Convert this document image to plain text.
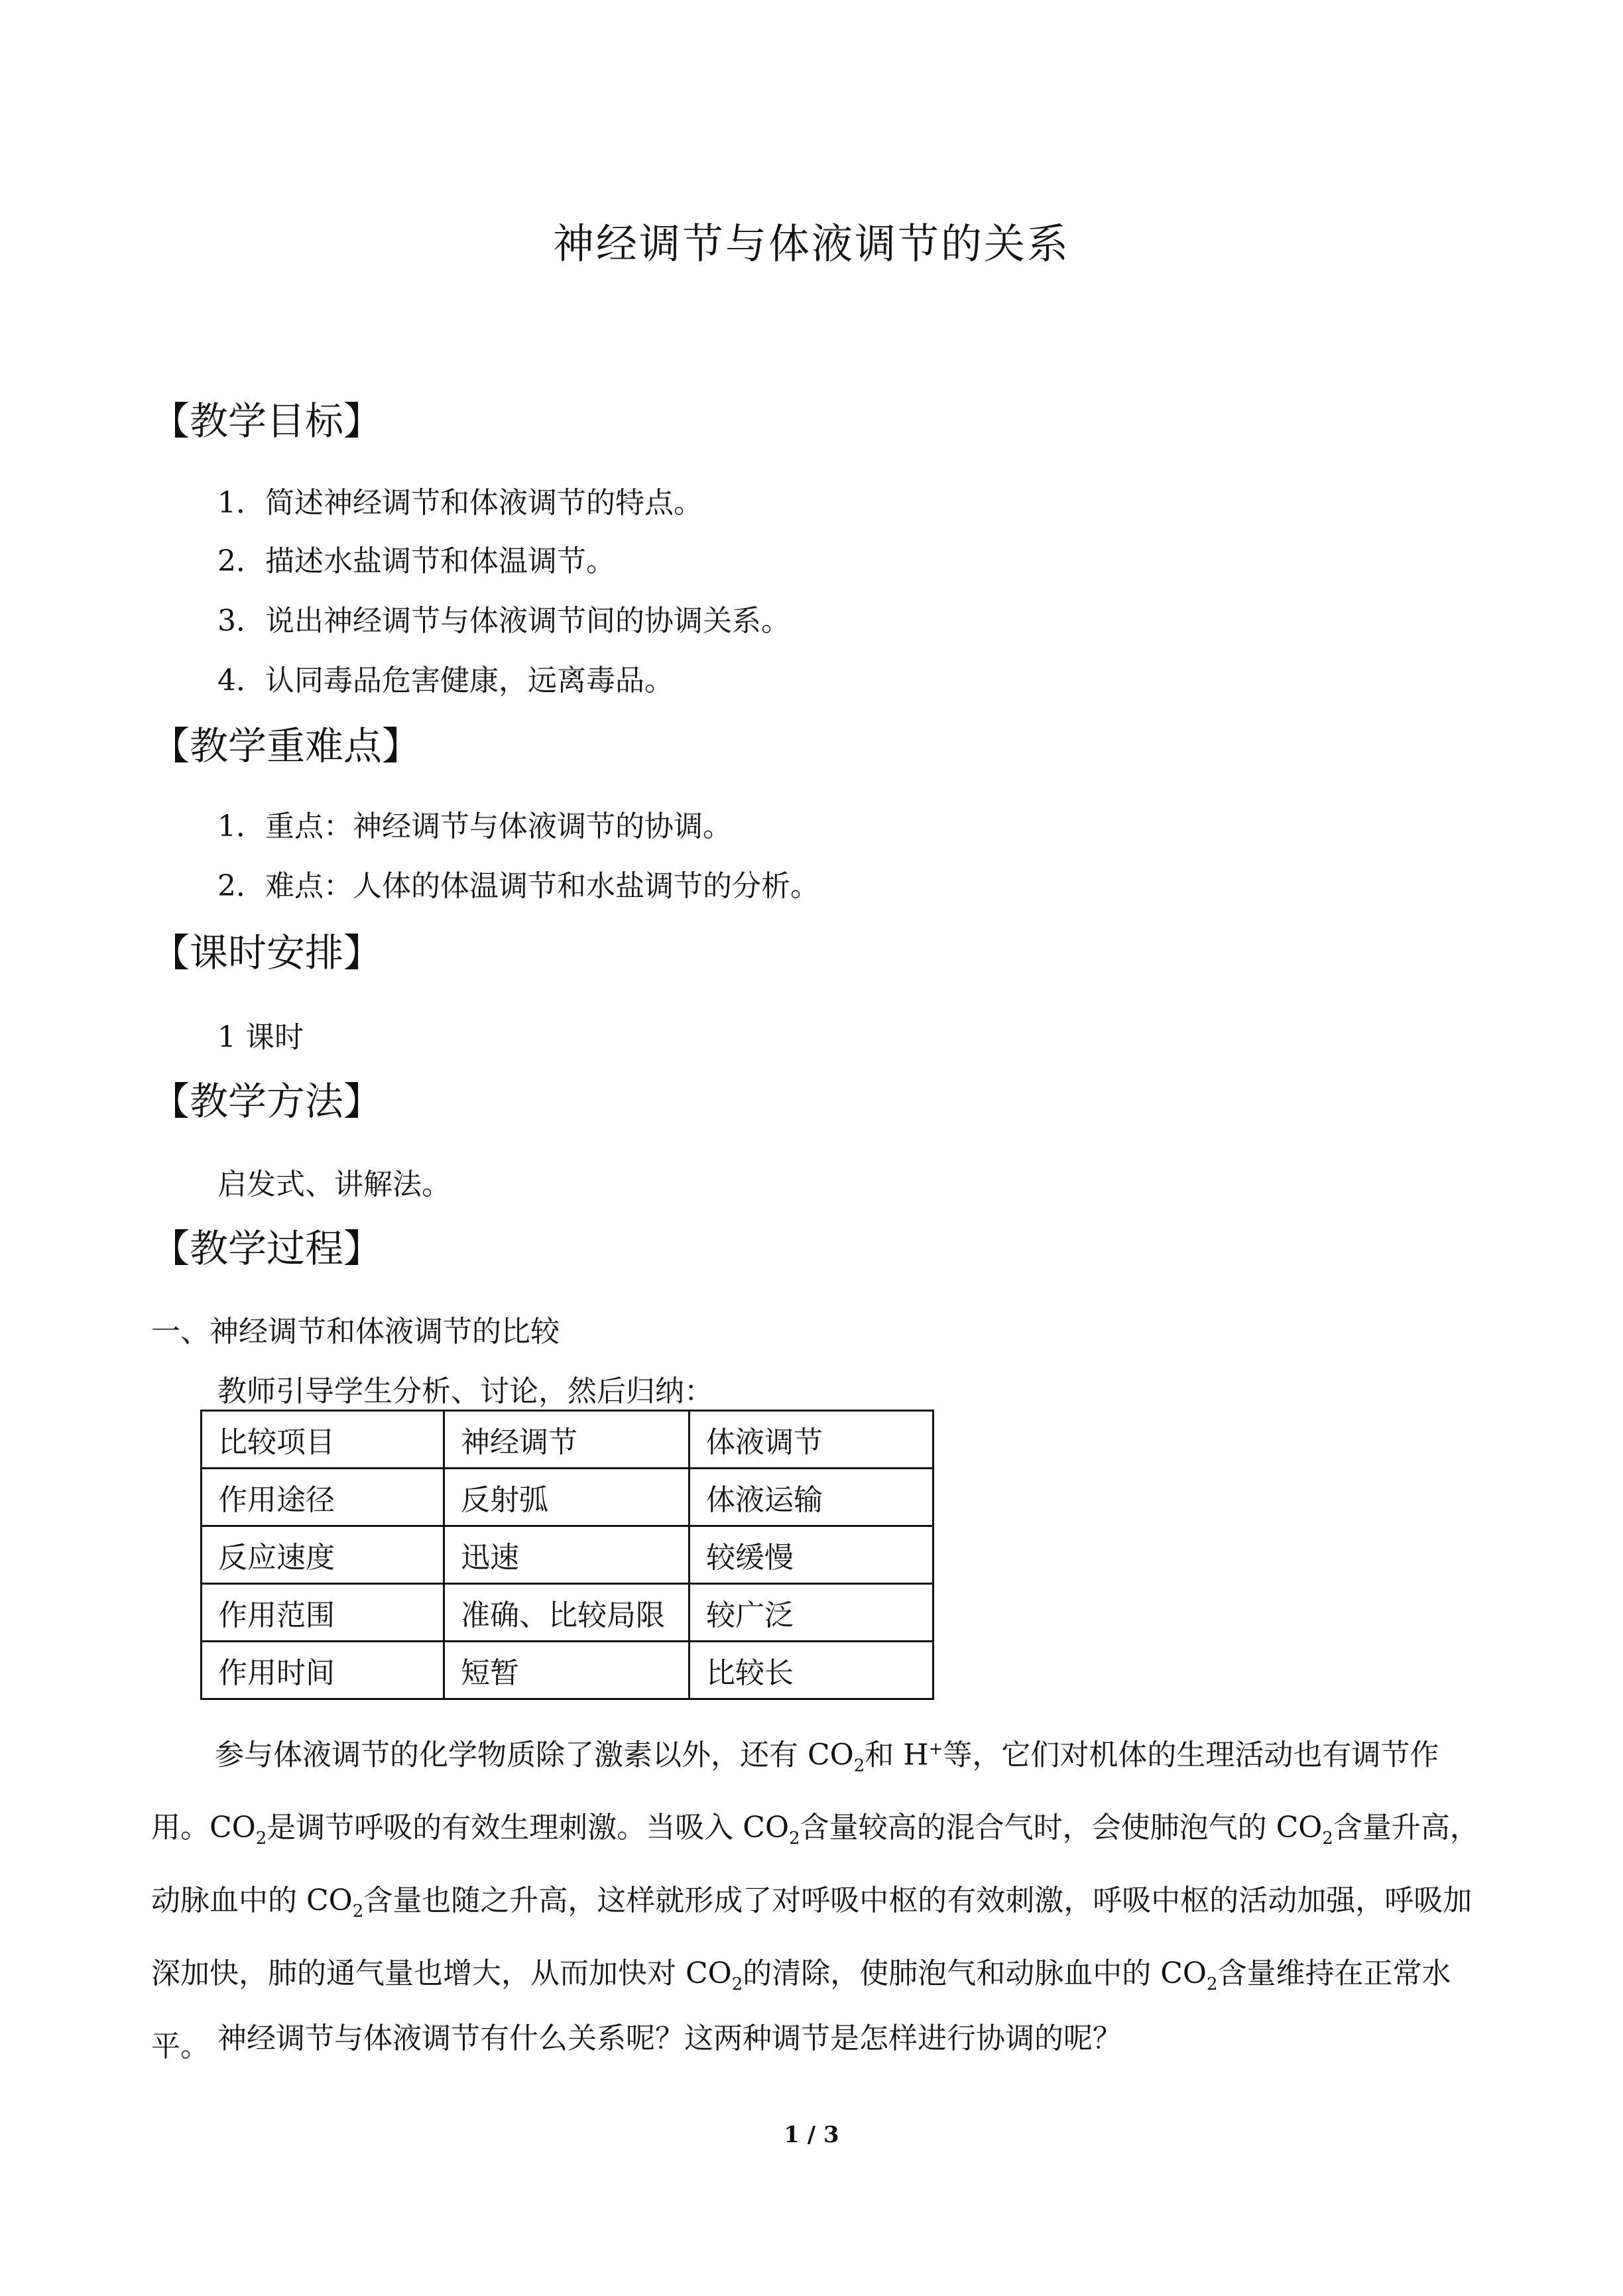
神经调节与体液调节的关系
【教学目标】
1．简述神经调节和体液调节的特点。
2．描述水盐调节和体温调节。
3．说出神经调节与体液调节间的协调关系。
4．认同毒品危害健康，远离毒品。
【教学重难点】
1．重点：神经调节与体液调节的协调。
2．难点：人体的体温调节和水盐调节的分析。
【课时安排】
1 课时
【教学方法】
启发式、讲解法。
【教学过程】
一、神经调节和体液调节的比较
教师引导学生分析、讨论，然后归纳：
比较项目	神经调节	体液调节
作用途径	反射弧	体液运输
反应速度	迅速	较缓慢
作用范围	准确、比较局限	较广泛
作用时间	短暂	比较长
参与体液调节的化学物质除了激素以外，还有 $CO_2$和 H+等，它们对机体的生理活动也有调节作用。$CO_2$是调节呼吸的有效生理刺激。当吸入 $CO_2$含量较高的混合气时，会使肺泡气的 $CO_2$含量升高，动脉血中的 $CO_2$含量也随之升高，这样就形成了对呼吸中枢的有效刺激，呼吸中枢的活动加强，呼吸加深加快，肺的通气量也增大，从而加快对 $CO_2$的清除，使肺泡气和动脉血中的 $CO_2$含量维持在正常水平。 神经调节与体液调节有什么关系呢？这两种调节是怎样进行协调的呢？
1 / 3
